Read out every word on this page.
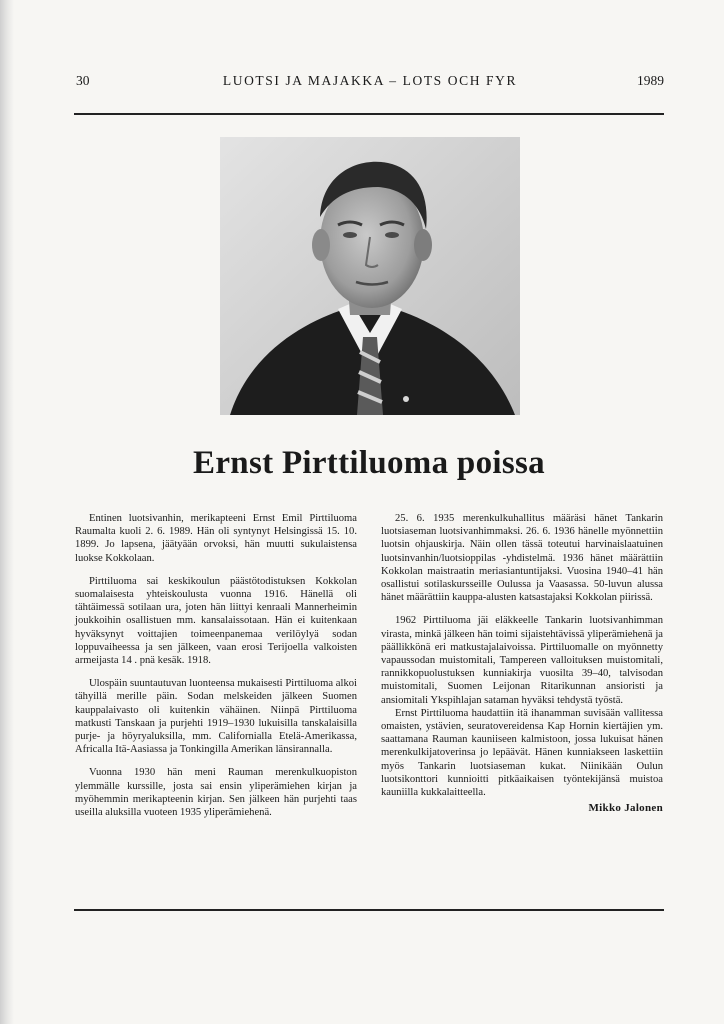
30	LUOTSI JA MAJAKKA – LOTS OCH FYR	1989
Ernst Pirttiluoma poissa

Entinen luotsivanhin, merikapteeni Ernst Emil Pirttiluoma Raumalta kuoli 2. 6. 1989. Hän oli syntynyt Helsingissä 15. 10. 1899. Jo lapsena, jäätyään orvoksi, hän muutti sukulaistensa luokse Kokkolaan.

Pirttiluoma sai keskikoulun päästötodistuksen Kokkolan suomalaisesta yhteiskoulusta vuonna 1916. Hänellä oli tähtäimessä sotilaan ura, joten hän liittyi kenraali Mannerheimin joukkoihin osallistuen mm. kansalaissotaan. Hän ei kuitenkaan hyväksynyt voittajien toimeenpanemaa verilöylyä sodan loppuvaiheessa ja sen jälkeen, vaan erosi Terijoella valkoisten armeijasta 14 . pnä kesäk. 1918.

Ulospäin suuntautuvan luonteensa mukaisesti Pirttiluoma alkoi tähyillä merille päin. Sodan melskeiden jälkeen Suomen kauppalaivasto oli kuitenkin vähäinen. Niinpä Pirttiluoma matkusti Tanskaan ja purjehti 1919–1930 lukuisilla tanskalaisilla purje- ja höyryaluksilla, mm. Californialla Etelä-Amerikassa, Africalla Itä-Aasiassa ja Tonkingilla Amerikan länsirannalla.

Vuonna 1930 hän meni Rauman merenkulkuopiston ylemmälle kurssille, josta sai ensin yliperämiehen kirjan ja myöhemmin merikapteenin kirjan. Sen jälkeen hän purjehti taas useilla aluksilla vuoteen 1935 yliperämiehenä.

25. 6. 1935 merenkulkuhallitus määräsi hänet Tankarin luotsiaseman luotsivanhimmaksi. 26. 6. 1936 hänelle myönnettiin luotsin ohjauskirja. Näin ollen tässä toteutui harvinaislaatuinen luotsinvanhin/luotsioppilas -yhdistelmä. 1936 hänet määrättiin Kokkolan maistraatin meriasiantuntijaksi. Vuosina 1940–41 hän osallistui sotilaskursseille Oulussa ja Vaasassa. 50-luvun alussa hänet määrättiin kauppa-alusten katsastajaksi Kokkolan piirissä.

1962 Pirttiluoma jäi eläkkeelle Tankarin luotsivanhimman virasta, minkä jälkeen hän toimi sijaistehtävissä yliperämiehenä ja päällikkönä eri matkustajalaivoissa. Pirttiluomalle on myönnetty vapaussodan muistomitali, Tampereen valloituksen muistomitali, rannikkopuolustuksen kunniakirja vuosilta 39–40, talvisodan muistomitali, Suomen Leijonan Ritarikunnan ansioristi ja ansiomitali Ykspihlajan sataman hyväksi tehdystä työstä.

Ernst Pirttiluoma haudattiin itä ihanamman suvisään vallitessa omaisten, ystävien, seuratovereidensa Kap Hornin kiertäjien ym. saattamana Rauman kauniiseen kalmistoon, jossa lukuisat hänen merenkulkijatoverinsa jo lepäävät. Hänen kunniakseen laskettiin myös Tankarin luotsiaseman kukat. Niinikään Oulun luotsikonttori kunnioitti pitkäaikaisen työntekijänsä muistoa kauniilla kukkalaitteella.

Mikko Jalonen
